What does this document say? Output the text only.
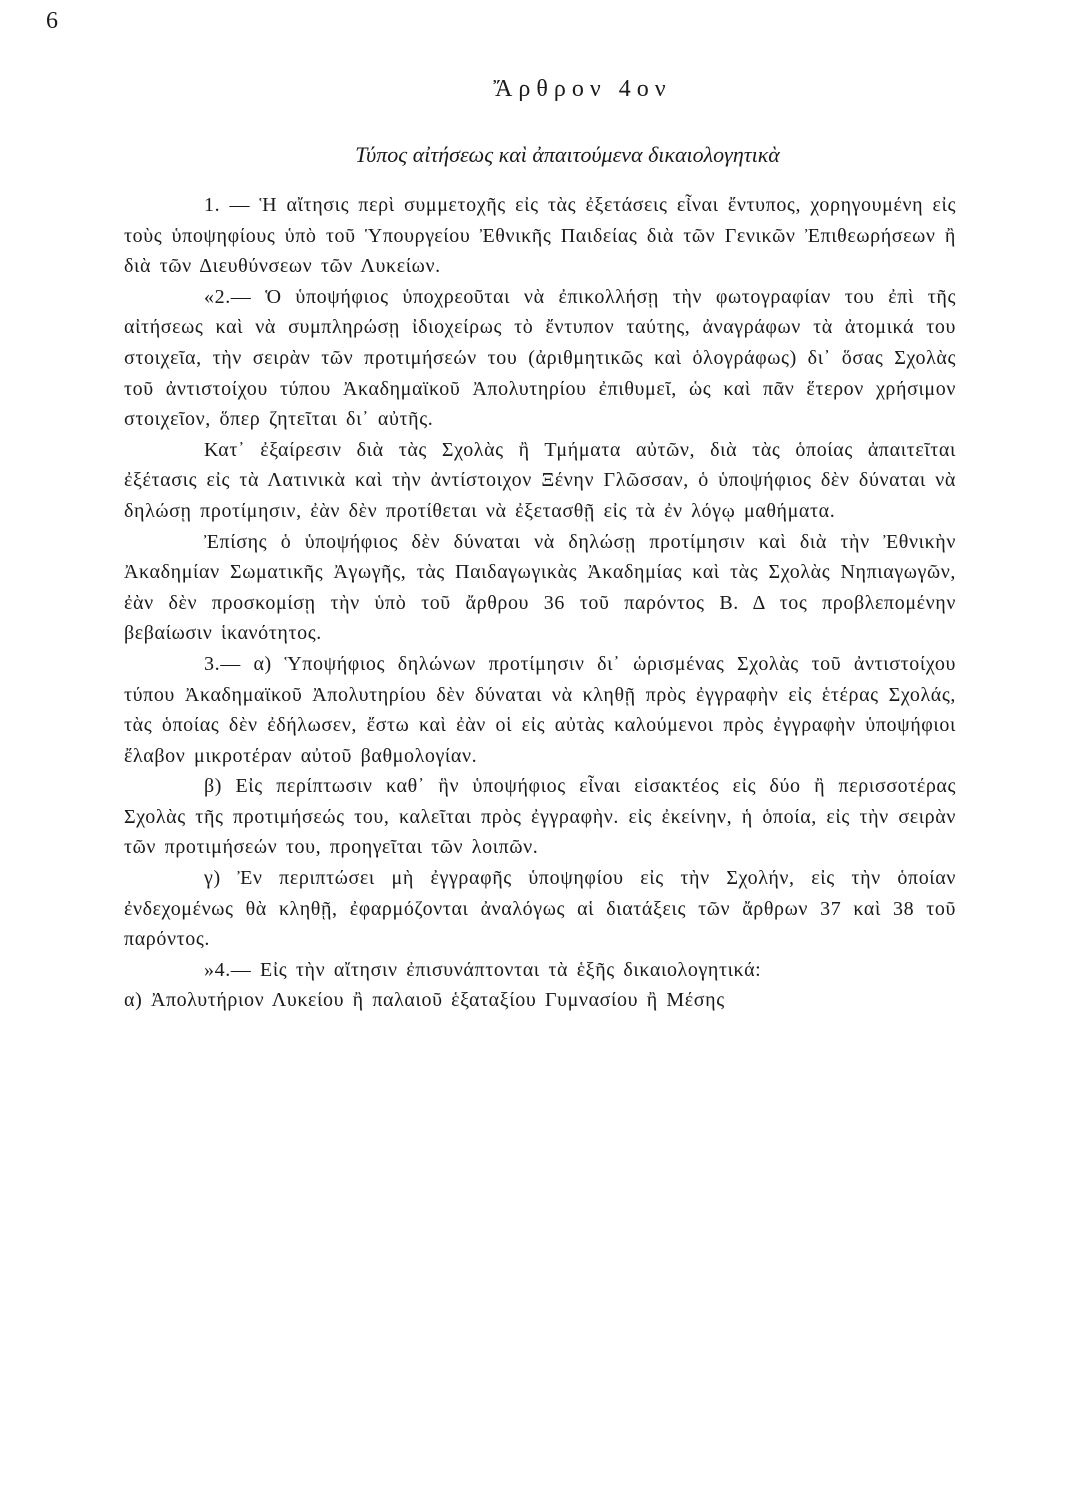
6
Ἄρθρον 4ον
Τύπος αἰτήσεως καὶ ἀπαιτούμενα δικαιολογητικὰ

1. — Ἡ αἴτησις περὶ συμμετοχῆς εἰς τὰς ἐξετάσεις εἶναι ἔντυπος, χορηγουμένη εἰς τοὺς ὑποψηφίους ὑπὸ τοῦ Ὑπουργείου Ἐθνικῆς Παιδείας διὰ τῶν Γενικῶν Ἐπιθεωρήσεων ἢ διὰ τῶν Διευθύνσεων τῶν Λυκείων.

«2.— Ὁ ὑποψήφιος ὑποχρεοῦται νὰ ἐπικολλήσῃ τὴν φωτογραφίαν του ἐπὶ τῆς αἰτήσεως καὶ νὰ συμπληρώσῃ ἰδιοχείρως τὸ ἔντυπον ταύτης, ἀναγράφων τὰ ἀτομικά του στοιχεῖα, τὴν σειρὰν τῶν προτιμήσεών του (ἀριθμητικῶς καὶ ὁλογράφως) δι᾿ ὅσας Σχολὰς τοῦ ἀντιστοίχου τύπου Ἀκαδημαϊκοῦ Ἀπολυτηρίου ἐπιθυμεῖ, ὡς καὶ πᾶν ἕτερον χρήσιμον στοιχεῖον, ὅπερ ζητεῖται δι᾿ αὐτῆς.

Κατ᾿ ἐξαίρεσιν διὰ τὰς Σχολὰς ἢ Τμήματα αὐτῶν, διὰ τὰς ὁποίας ἀπαιτεῖται ἐξέτασις εἰς τὰ Λατινικὰ καὶ τὴν ἀντίστοιχον Ξένην Γλῶσσαν, ὁ ὑποψήφιος δὲν δύναται νὰ δηλώσῃ προτίμησιν, ἐὰν δὲν προτίθεται νὰ ἐξετασθῇ εἰς τὰ ἐν λόγῳ μαθήματα.

Ἐπίσης ὁ ὑποψήφιος δὲν δύναται νὰ δηλώσῃ προτίμησιν καὶ διὰ τὴν Ἐθνικὴν Ἀκαδημίαν Σωματικῆς Ἀγωγῆς, τὰς Παιδαγωγικὰς Ἀκαδημίας καὶ τὰς Σχολὰς Νηπιαγωγῶν, ἐὰν δὲν προσκομίσῃ τὴν ὑπὸ τοῦ ἄρθρου 36 τοῦ παρόντος Β. Δ τος προβλεπομένην βεβαίωσιν ἱκανότητος.

3.— α) Ὑποψήφιος δηλώνων προτίμησιν δι᾿ ὡρισμένας Σχολὰς τοῦ ἀντιστοίχου τύπου Ἀκαδημαϊκοῦ Ἀπολυτηρίου δὲν δύναται νὰ κληθῇ πρὸς ἐγγραφὴν εἰς ἑτέρας Σχολάς, τὰς ὁποίας δὲν ἐδήλωσεν, ἔστω καὶ ἐὰν οἱ εἰς αὐτὰς καλούμενοι πρὸς ἐγγραφὴν ὑποψήφιοι ἔλαβον μικροτέραν αὐτοῦ βαθμολογίαν.

β) Εἰς περίπτωσιν καθ᾿ ἣν ὑποψήφιος εἶναι εἰσακτέος εἰς δύο ἢ περισσοτέρας Σχολὰς τῆς προτιμήσεώς του, καλεῖται πρὸς ἐγγραφὴν. εἰς ἐκείνην, ἡ ὁποία, εἰς τὴν σειρὰν τῶν προτιμήσεών του, προηγεῖται τῶν λοιπῶν.

γ) Ἐν περιπτώσει μὴ ἐγγραφῆς ὑποψηφίου εἰς τὴν Σχολήν, εἰς τὴν ὁποίαν ἐνδεχομένως θὰ κληθῇ, ἐφαρμόζονται ἀναλόγως αἱ διατάξεις τῶν ἄρθρων 37 καὶ 38 τοῦ παρόντος.

»4.— Εἰς τὴν αἴτησιν ἐπισυνάπτονται τὰ ἑξῆς δικαιολογητικά:

α) Ἀπολυτήριον Λυκείου ἢ παλαιοῦ ἑξαταξίου Γυμνασίου ἢ Μέσης
